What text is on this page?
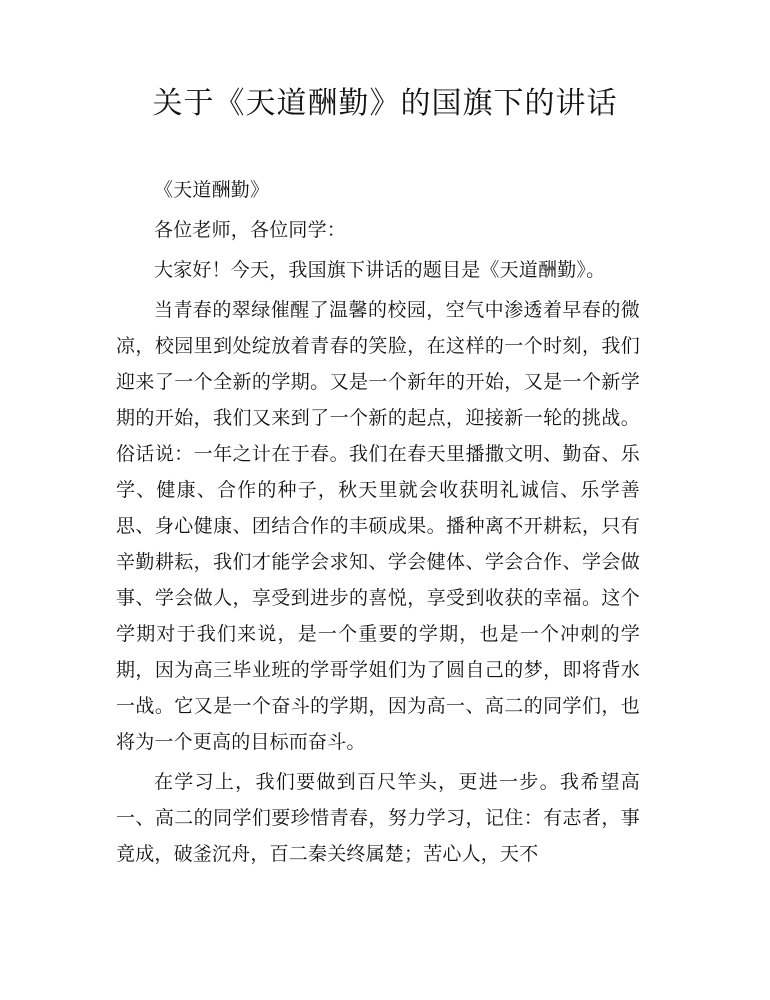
关于《天道酬勤》的国旗下的讲话

《天道酬勤》

各位老师，各位同学：

大家好！今天，我国旗下讲话的题目是《天道酬勤》。

当青春的翠绿催醒了温馨的校园，空气中渗透着早春的微凉，校园里到处绽放着青春的笑脸，在这样的一个时刻，我们迎来了一个全新的学期。又是一个新年的开始，又是一个新学期的开始，我们又来到了一个新的起点，迎接新一轮的挑战。俗话说：一年之计在于春。我们在春天里播撒文明、勤奋、乐学、健康、合作的种子，秋天里就会收获明礼诚信、乐学善思、身心健康、团结合作的丰硕成果。播种离不开耕耘，只有辛勤耕耘，我们才能学会求知、学会健体、学会合作、学会做事、学会做人，享受到进步的喜悦，享受到收获的幸福。这个学期对于我们来说，是一个重要的学期，也是一个冲刺的学期，因为高三毕业班的学哥学姐们为了圆自己的梦，即将背水一战。它又是一个奋斗的学期，因为高一、高二的同学们，也将为一个更高的目标而奋斗。

在学习上，我们要做到百尺竿头，更进一步。我希望高一、高二的同学们要珍惜青春，努力学习，记住：有志者，事竟成，破釜沉舟，百二秦关终属楚；苦心人，天不
